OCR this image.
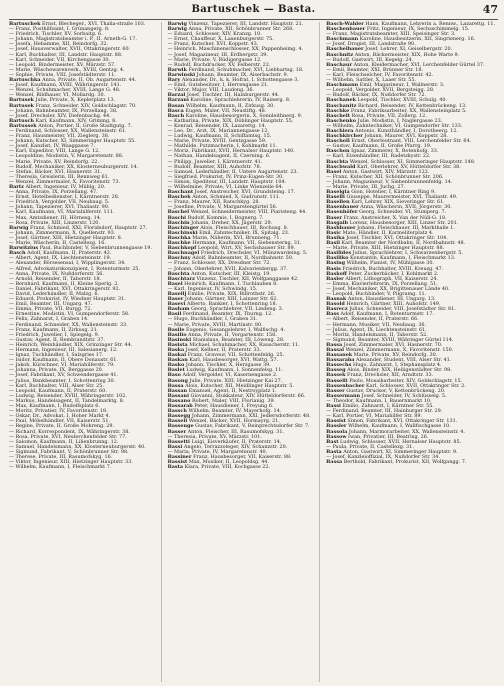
Bartuschek — Basta.	47

Bartuschek Ernst, Blecheger., XVI, Thalia-straße 103.

— Franz, Posthilfsamt, I. Grünangerg. 8.

— Friedrich, Tischler, XV, Sorbaitg. 6.

— Johann, Magistratsbeamter i. P., II. Arneth-G. 17.

— Josefa, Hebamme, XII, Reindorfg. 32.

— Josef, Hausverwalter, XVII, Ottakringerstr. 60.

— Karl, Buchhalter, III, Landstr. Hauptstr. 88.

— Karl, Schneider, VII, Kirchengasse 30.

— Leopold, Bindermeister, XV, Märzstr. 57.

— Marie, Wäschewarenverk., XVIII, Gentzg. 4.

— Sophie, Private, VIII, Josefstädterstr. 11.

Bartuschka Anna, Private, II, Ob. Augartenstr. 44.

— Josef, Kaufmann, XVIII, Währingerstr. 141.

— Wenzel, Schuhmacher, XVIII, Lange G. 48.

— Wenzel, Bildhauer, VI, Mollardg. 30.

Bartusek Julie, Private, X, Keplerplatz 13.

Bartusek Franz, Schneider, XIV, Goldschlagstr. 70.

— Johann, Bahnbeamter, IX, Porzellang. 38.

— Josef, Drechsler, XIV, Diefenbachg. 44.

Bartusch Karl, Kaufmann, XIV, Grimmg. 8.

Bartussek Anton, Portier, II, Große Stadtgutg. 7.

— Ferdinand, Schlosser, XX, Wallensteinstr. 61.

— Franz, Hausmeister, VII, Zieglerg. 38.

— Johann, Kutscher, XI, Simmeringer Hauptstr. 55.

— Josef, Kanzlist, IV, Waaggasse 7.

— Karl, Expeditor, VIII, Lange G. 12.

— Leopoldine, Modistin, V, Margaretenstr. 88.

— Marie, Private, XV, Reindorfg. 22.

— Rudolf, Mechaniker, XX, Klosterneuburgerstr. 14.

— Stefan, Bäcker, XVI, Hasnerstr. 31.

— Theresia, Greislerin, III, Rennweg 61.

— Wenzel, Zimmermaler, X, Favoritenstr. 73.

Bartz Albert, Ingenieur, IV, Mühlg. 20.

— Anna, Private, IX, Porzellang. 47.

— Ernst, Hotelbedienster, I, Kärntnerstr. 28.

— Friedrich, Vergolder, VII, Neubaug. 5.

— Johann, Tapezierer, XVI, Thaliastr. 90.

— Karl, Kaufmann, VI, Mariahilferstr. 111.

— Max, Amtsdiener, III, Hörnesg. 14.

— Rosa, Private, XIII, Linzerstr. 120.

Barwig Franz, Schmied, XXI, Floridsdorf, Hauptstr. 27.

— Johann, Zimmermann, X, Quellenstr. 93.

— Josef, Gärtner, XIII, Hietzinger Hauptstr. 8.

— Marie, Wäscherin, II, Castellezg. 16.

Barwitzius Paul, Buchbinder, V, Siebenbrunnengasse 19.

Basch Adolf, Kaufmann, II, Praterstr. 42.

— Albert, Agent, IX, Liechtensteinstr. 19.

— Alexander, Börsesensal, I, Wipplingerstr. 34.

— Alfred, Advokaturskonzipient, I, Rotenturmstr. 25.

— Anna, Private, IX, Nußdorferstr. 56.

— Arnold, Reisender, II, Taborstr. 18.

— Bernhard, Kaufmann, II, Kleine Sperlg. 2.

— Daniel, Fabrikant, XVI, Ottakringerstr. 92.

— David, Lederhändler, II, Malzg. 6.

— Eduard, Prokurist, IV, Wiedner Hauptstr. 31.

— Emil, Beamter, III, Ungarg. 47.

— Emma, Private, VII, Burgg. 72.

— Ernestine, Modistin, VI, Gumpendorferstr. 58.

— Felix, Zahnarzt, I, Graben 14.

— Ferdinand, Schneider, XX, Wallensteinstr. 33.

— Franz, Kaufmann, II, Zirkusg. 21.

— Friedrich, Juwelier, I, Spiegelg. 9.

— Gustav, Agent, II, Rembrandtstr. 37.

— Heinrich, Weinhändler, XIX, Grinzinger Str. 44.

— Hermann, Ingenieur, III, Salesianerg. 12.

— Ignaz, Tuchhändler, I, Salzgries 17.

— Isidor, Kaufmann, II, Obere Donaustr. 61.

— Jakob, Kürschner, VI, Mariahilferstr. 79.

— Johanna, Private, IX, Berggasse 20.

— Josef, Fabrikant, XV, Schwendergasse 41.

— Julius, Bankbeamter, I, Schottenring 30.

— Karl, Buchhalter, VIII, Alser Str. 25.

— Leopold, Kaufmann, II, Praterstr. 60.

— Ludwig, Reisender, XVIII, Währingerstr. 102.

— Markus, Handelsagent, II, Tandelmarktg. 8.

— Max, Kaufmann, I, Rudolfsplatz 6.

— Moritz, Privatier, IV, Favoritenstr. 18.

— Oskar, Dr., Advokat, I, Hoher Markt 4.

— Paul, Möbelhändler, VII, Kaiserstr. 51.

— Regine, Private, II, Große Mohreng. 29.

— Richard, Korrespondent, IX, Währingerstr. 38.

— Rosa, Private, XVI, Neulerchenfelder Str. 77.

— Salomon, Kaufmann, II, Lilienbrunng. 12.

— Samuel, Handelsmann, XX, Klosterneuburgerstr. 40.

— Sigmund, Fabrikant, V, Schönbrunner Str. 98.

— Therese, Private, III, Rasumofskyg. 16.

— Viktor, Ingenieur, XIII, Hietzinger Hauptstr. 33.

— Wilhelm, Kaufmann, I, Fleischmarkt 7.

Barwig Vinzenz, Tapezierer, III, Landstr. Hauptstr. 21.

Barwig Anna, Private, XII, Schönbrunner Str. 268.

— Eduard, Schlosser, XIV, Kranzg. 10.

— Ernst, Chauffeur, X, Laxenburgerstr. 75.

— Franz, Kutscher, XVI, Koppstr. 43.

— Heinrich, Maschinenschlosser, XX, Pappenheimg. 4.

— Josef, Magazineur, III, Erdbergstr. 39.

— Marie, Private, V, Rüdigergasse 12.

— Rudolf, Buchdrucker, XV, Felberstr. 22.

Barwik Ferdinand, Schuhmacher, XVI, Liebhartsg. 18.

Barwinski Johann, Beamter, IX, Alserbachstr. 9.

Bary Alexander, Dr., k. k. Hofrat, I, Schottengasse 3.

— Emil, Gutsbesitzer, I, Herrengasse 21.

— Viktor, Major, VIII, Laudong. 36.

Barzal Josef, Tischler, III, Hainburgerstr. 44.

Barzani Karoline, Sprachlehrerin, IV, Rainerg. 8.

Basan Wilhelm, Kaufmann, II, Zirkusg. 30.

Basca Eugen, Maler, VII, Neustiftg. 48.

Basch Karoline, Hausbesorgerin, X, Sonnleithnerg. 9.

— Katharina, Private, XIX, Döblinger Hauptstr. 55.

— Konrad, Reisender, IX, Lazarettg. 14.

— Leo, Dr., Arzt, IX, Mariannengasse 12.

— Ludwig, Kaufmann, II, Schiffamtsg. 15.

— Marie, Private, XVIII, Gentzgasse 59.

— Mathilde, Putzmacherin, I, Kohlmarkt 11.

— Moriz, Fabrikant, XVII, Hernalser Hauptstr. 140.

— Nathan, Handelsagent, II, Czerning. 6.

— Philipp, Juwelier, I, Kärntnerstr. 41.

— Rudolf, Beamter, XIII, Auhofstr. 78.

— Samuel, Lederhändler, II, Untere Augartenstr. 23.

— Siegfried, Prokurist, IV, Prinz-Eugen-Str. 30.

— Simon, Spediteur, III, Landstr. Hauptstr. 104.

— Wilhelmine, Private, VI, Linke Wienzeile 64.

Baschant Josef, Anstreicher, XVI, Grundsteing. 17.

Baschek Anton, Schmied, X, Gudrunstr. 111.

— Franz, Maurer, XII, Ratschkyg. 28.

— Josefine, Private, V, Margaretengürtel 56.

Baschel Wenzel, Schneidermeister, VIII, Piaristeng. 44.

Baschi Rudolf, Kommis, I, Bognerg. 7.

Baschin Johann, Dreher, XX, Jägerstr. 29.

Baschinger Alois, Fleischhauer, III, Rochusg. 8.

Baschinski Emil, Zahntechniker, IX, Spitalg. 23.

Baschka Marie, Näherin, XVI, Brunneng. 71.

Baschke Hermann, Kaufmann, VII, Siebensterng. 31.

Baschkopf Leopold, Wirt, XV, Sechshauser Str. 89.

Baschnagel Friedrich, Drechsler, VI, Münzwardeing. 5.

Baschny Adolf, Bahnbeamter, II, Nordbahnstr. 50.

— Franz, Schlosser, XX, Dresdner Str. 72.

— Johann, Oberlehrer, XVII, Kalvarienbergg. 37.

Baschta Anton, Kutscher, III, Kleistg. 19.

Baschtarz Vinzenz, Tischler, XII, Wolfganggasse 42.

Basel Heinrich, Kaufmann, I, Tuchlauben 8.

— Karl, Ingenieur, IV, Schwindg. 15.

Basellj Emilie, Private, XIX, Billrothstr. 26.

Baser Johann, Gärtner, XIII, Lainzer Str. 62.

Basevi Alberto, Bankier, I, Schottenring 18.

Basham Georg, Sprachlehrer, VII, Lindeng. 3.

Basil Ferdinand, Beamter, IX, Thurng. 12.

— Hugo, Buchhändler, I, Graben 31.

— Marie, Private, XVIII, Martinstr. 80.

Basile Eugenio, Gesangslehrer, I, Walfischg. 4.

Basilio Anna, Private, II, Vorgartenstr. 158.

Basinski Stanislaus, Beamter, III, Löweng. 28.

Basista Michael, Schuhmacher, XX, Rauscherstr. 11.

Baska Josef, Kellner, II, Praterstr. 33.

Baskai Franz, Graveur, VII, Schottenfeldg. 25.

Baskan Karl, Hausbesorger, XVI, Wattg. 57.

Basko Johann, Tischler, X, Herzgasse 39.

Baslet Ludwig, Kaufmann, I, Sonnenfelsg. 11.

Baso Adolf, Vergolder, VI, Kasernengasse 2.

Basong Julie, Private, XIII, Hietzinger Kai 27.

Bassa Alois, Kutscher, XII, Meidlinger Hauptstr. 5.

Bassan Emanuel, Agent, II, Nestroyplatz 1.

Bassani Giovanni, Stukkateur, XIV, Hütteldorferstr. 66.

Bassano Robert, Maler, VIII, Florianig. 39.

Bassarab Peter, Hausdiener, I, Freyung 6.

Bassch Wilhelm, Beamter, IV, Mayerhofg. 14.

Bassegg Johann, Zimmermann, XXI, Jedlersdorferstr. 48.

Basseli Wenzel, Bäcker, XVII, Hormayrg. 21.

Bassenge Gustav, Fabrikant, V, Reinprechtsdorfer Str. 7.

Basser Anton, Fleischer, III, Rasumofskyg. 31.

— Theresia, Private, XV, Märzstr. 101.

Bassetti Luigi, Eisverkäufer, II, Praterstr. 14.

Bassi Angelo, Terrazzoleger, XIV, Schanzstr. 20.

— Maria, Private, IV, Margaretenstr. 40.

Bassiner Franz, Hausbesorger, VII, Kaiserstr. 88.

Bassist Max, Musiker, II, Leopoldsg. 44.

Basta Klara, Private, VIII, Kochgasse 22.

Basch-Wahler Hans, Kaufmann, Lehrerin a. Rennw., Lazarettg. 11.

Baschenbauer Fritz, Ingenieur, IX, Sechsschimmelg. 15.

— Franz, Magistratsbeamter, XIII, Speisinger Str. 3.

Baschmann Karoline, Hausbesitzerin, XII, Singrienerg. 16.

— Josef, Drogist, III, Landstraße 90.

Baschelbauer Josef, Lehrer, XI, Geiselbergstr. 20.

Baschnitz Anton, Bäckermeister, XIX, Hohe Warte 9.

— Rudolf, Gastwirt, III, Kegelg. 24.

Baschaur Anton, Kleidermacher, XVI, Lerchenfelder Gürtel 37.

— Emil, Beamter, XXI, Brünner Str. 18.

— Karl, Fleischselcher, IV, Favoritenstr. 42.

— Wilhelm, Sattler, X, Laaer Str. 55.

Baschmann Emil, Magazineur, I, Wallnerstr. 3.

— Leopold, Vergolder, XVII, Bergsteigg. 28.

— Rudolf, Bäcker, IX, Nußdorfer Str. 72.

Baschanek Leopold, Tischler, XVIII, Schulg. 40.

Baschanitz Richard, Reisender, IV, Kettenbrückeng. 13.

Baschke Franz, Fabriksarbeiter, XX, Wallensteinplatz 5.

Baschelt Rosa, Private, VII, Zollerg. 12.

Baschenko Julie, Modistin, I, Naglergasse 23.

— Wilhelm, Zahntechniker, VI, Gumpendorfer Str. 133.

Baschiera Antonio, Kunsthändler, I, Dorotheerg. 12.

Baschkircher Johann, Maurer, XVI, Koppstr. 28.

Bascholl Ernst, Oberleutnant, VIII, Lerchenfelder Str. 64.

— Gustav, Kaufmann, II, Große Pfarrg. 19.

Baschon Ignaz, Zimmerer, X, Rotenhofg. 33.

— Karl, Eisenhändler, III, Radetzkystr. 22.

Baschta Wenzel, Schlosser, XI, Simmeringer Hauptstr. 148.

Baschwald Karl, Oberlehrer, XV, Hütteldorfer Str. 38.

Basel Anton, Gastwirt, XIV, Märzstr. 122.

— Franz, Kutscher, XII, Schönbrunner Str. 206.

— Johann, Magazineur, V, Siebenbrunnenfeldg. 14.

— Marie, Private, III, Juchg. 27.

Baselgia Gion, Hotelier, I, Kärntner Ring 9.

Baselli Giuseppe, Maurermeister, XVI, Thaliastr. 49.

Basellen Karl, Lehrer, XIX, Sieveringer Str. 61.

Basenbauer Anna, Wäscherin, XVII, Jörgerstr. 30.

Basenhöfer Georg, Schneider, VI, Stumperg. 7.

Baser Franz, Anstreicher, X, Van der Nüll-G. 18.

Basgalb Lorenz, Hausbesorger, XIII, Linzer Str. 201.

Bashbauer Johann, Fleischhauer, III, Markthalle 1.

Basic Mato, Händler, II, Karmeliterplatz 4.

Basika Josef, Tischler, XVI, Ottakringer Str. 104.

Basil Karl, Beamter der Nordbahn, II, Nordbahnstr. 48.

— Marie, Private, XIII, Hietzinger Hauptstr. 88.

Basilides Julius, Sprachlehrer, I, Schwarzenbergstr. 5.

Basiliko Konstantin, Kaufmann, I, Fleischmarkt 13.

Basing Wilhelm, Pianist, IV, Mühlgasse 30.

Basis Friedrich, Buchhalter, XVIII, Kreuzg. 47.

Baskoff Peter, Zuckerbäcker, I, Kohlmarkt 2.

Basler Albert, Lithograph, VII, Kaiserstr. 24.

— Emma, Klavierlehrerin, IX, Porzellang. 51.

— Josef, Mechaniker, XX, Brigittenauer Lände 40.

— Leopold, Buchbinder, V, Pilgramg. 11.

Basnak Anton, Hausdiener, III, Ungarg. 13.

Basold Heinrich, Gärtner, XIII, Auhofstr. 149.

Basrecz Julius, Schneider, VIII, Josefstädter Str. 81.

Bass Adolf, Kaufmann, I, Rotenturmstr. 17.

— Albert, Reisender, II, Praterstr. 66.

— Hermann, Musiker, VII, Neubaug. 36.

— Julius, Agent, IX, Liechtensteinstr. 61.

— Moritz, Handelsmann, II, Taborstr. 52.

— Sigmund, Beamter, XVIII, Währinger Gürtel 114.

Bassa Josef, Zimmermaler, XVI, Hasnerstr. 70.

Bassal Wenzel, Zimmermann, X, Favoritenstr. 150.

Bassanek Marie, Private, XV, Reindorfg. 30.

Bassaraba Alexander, Student, VIII, Alser Str. 41.

Bassechs Hugo, Zahnarzt, I, Stephansplatz 4.

Basseg Alois, Binder, XIX, Heiligenstädter Str. 98.

Bassek Franz, Drechsler, XII, Arndtstr. 33.

Basselli Paolo, Mosaikarbeiter, XIV, Goldschlagstr. 15.

Bassenbacher Karl, Schlosser, XVII, Ottakringer Str. 2.

Basser Gustav, Drucker, V, Kettenbrückeng. 20.

Bassermann Josef, Schneider, IV, Schlüsselg. 5.

— Theodor, Kaufmann, I, Bauernmarkt 10.

Bassi Emilio, Zahnarzt, I, Kärntner Str. 55.

— Ferdinand, Beamter, III, Hainburger Str. 29.

— Karl, Portier, VI, Mariahilfer Str. 89.

Bassist Simon, Fabrikant, XVI, Ottakringer Str. 131.

Bassler Wilhelm, Kaufmann, I, Wallfischgasse 10.

Bassola Johann, Marmorarbeiter, XX, Wallensteinstr. 4.

Bassow Iwan, Privatier, III, Beatrixg. 26.

Bast Ludwig, Schlosser, XVII, Hernalser Hauptstr. 85.

— Paula, Private, II, Castellezg. 31.

Basta Anton, Gastwirt, XI, Simmeringer Hauptstr. 9.

— Josef, Kanzleioffizial, IX, Nußdorfer Str. 34.

Bassa Berthold, Fabrikant, Prokurist, XII, Wolfgangg. 7.
